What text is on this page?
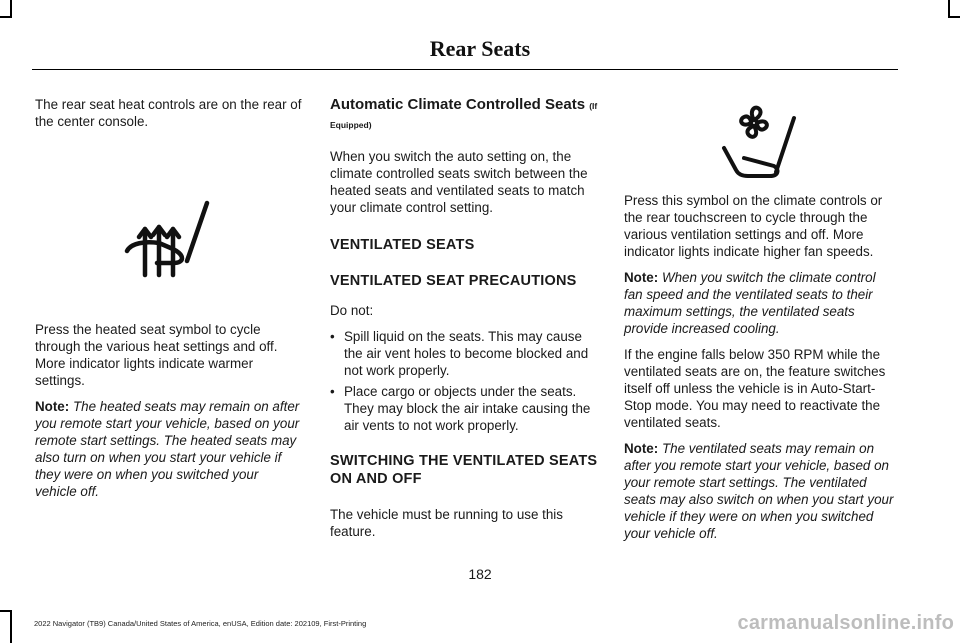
Rear Seats

The rear seat heat controls are on the rear of the center console.

Press the heated seat symbol to cycle through the various heat settings and off. More indicator lights indicate warmer settings.

Note: The heated seats may remain on after you remote start your vehicle, based on your remote start settings. The heated seats may also turn on when you start your vehicle if they were on when you switched your vehicle off.

Automatic Climate Controlled Seats (If Equipped)

When you switch the auto setting on, the climate controlled seats switch between the heated seats and ventilated seats to match your climate control setting.

VENTILATED SEATS

VENTILATED SEAT PRECAUTIONS

Do not:

• Spill liquid on the seats. This may cause the air vent holes to become blocked and not work properly.
• Place cargo or objects under the seats. They may block the air intake causing the air vents to not work properly.

SWITCHING THE VENTILATED SEATS ON AND OFF

The vehicle must be running to use this feature.

Press this symbol on the climate controls or the rear touchscreen to cycle through the various ventilation settings and off. More indicator lights indicate higher fan speeds.

Note: When you switch the climate control fan speed and the ventilated seats to their maximum settings, the ventilated seats provide increased cooling.

If the engine falls below 350 RPM while the ventilated seats are on, the feature switches itself off unless the vehicle is in Auto-Start-Stop mode. You may need to reactivate the ventilated seats.

Note: The ventilated seats may remain on after you remote start your vehicle, based on your remote start settings. The ventilated seats may also switch on when you start your vehicle if they were on when you switched your vehicle off.

182
2022 Navigator (TB9) Canada/United States of America, enUSA, Edition date: 202109, First-Printing	carmanualsonline.info
